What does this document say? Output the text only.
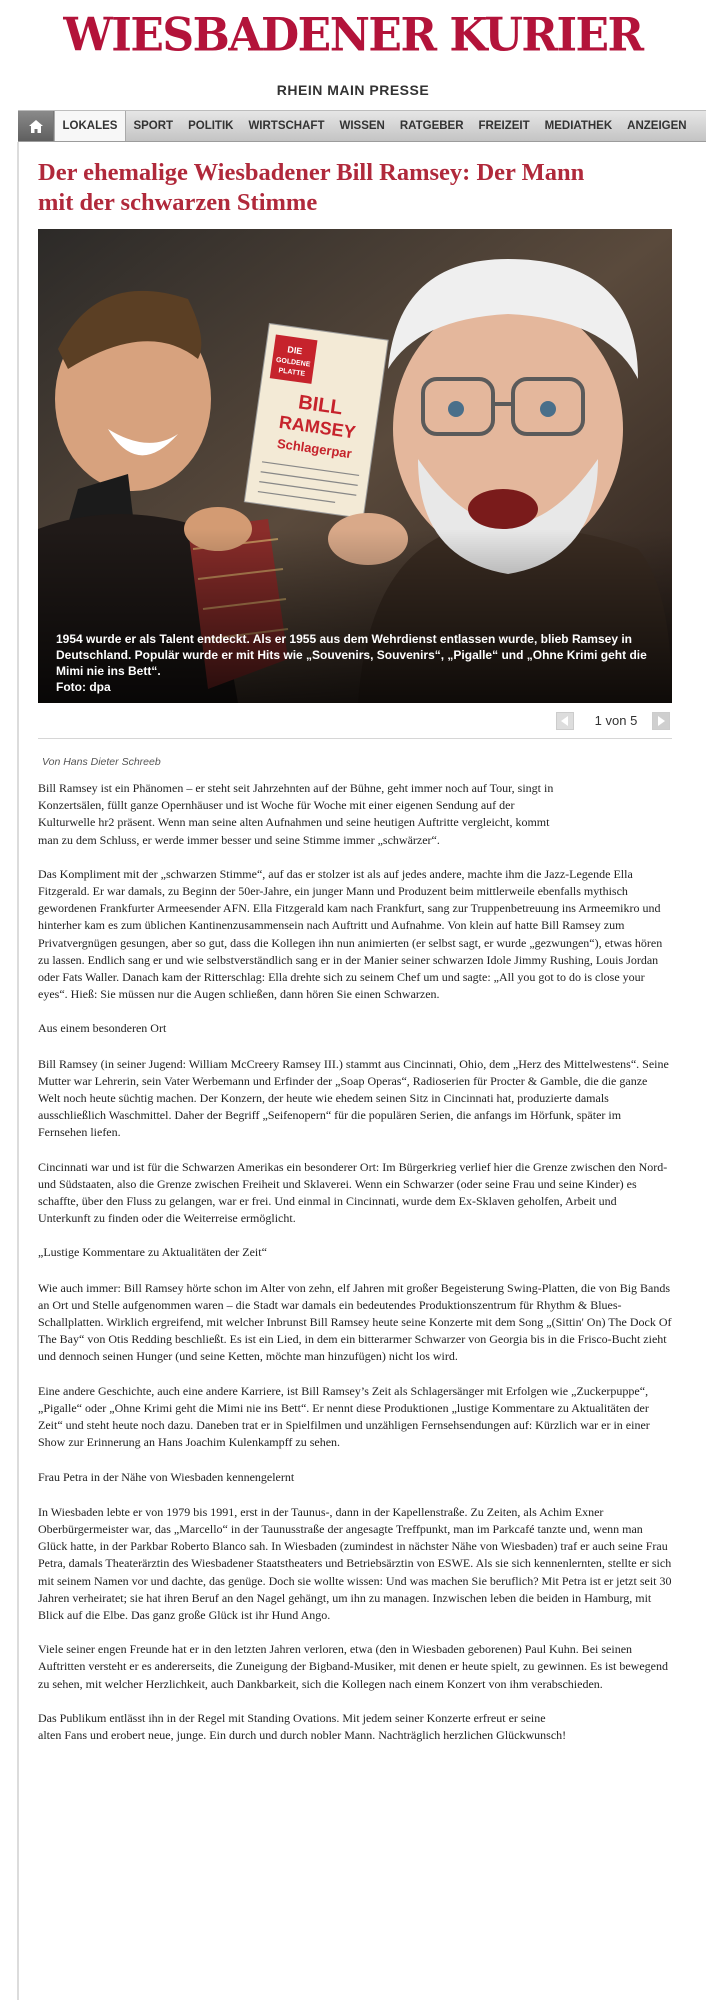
WIESBADENER KURIER
RHEIN MAIN PRESSE
LOKALES	SPORT	POLITIK	WIRTSCHAFT	WISSEN	RATGEBER	FREIZEIT	MEDIATHEK	ANZEIGEN
Der ehemalige Wiesbadener Bill Ramsey: Der Mann
mit der schwarzen Stimme
DIE
GOLDENE
PLATTE
BILL
RAMSEY
Schlagerpar
1954 wurde er als Talent entdeckt. Als er 1955 aus dem Wehrdienst entlassen wurde, blieb Ramsey in Deutschland. Populär wurde er mit Hits wie „Souvenirs, Souvenirs“, „Pigalle“ und „Ohne Krimi geht die Mimi nie ins Bett“.
Foto: dpa
1 von 5
Von Hans Dieter Schreeb

Bill Ramsey ist ein Phänomen – er steht seit Jahrzehnten auf der Bühne, geht immer noch auf Tour, singt in Konzertsälen, füllt ganze Opernhäuser und ist Woche für Woche mit einer eigenen Sendung auf der Kulturwelle hr2 präsent. Wenn man seine alten Aufnahmen und seine heutigen Auftritte vergleicht, kommt man zu dem Schluss, er werde immer besser und seine Stimme immer „schwärzer“.

Das Kompliment mit der „schwarzen Stimme“, auf das er stolzer ist als auf jedes andere, machte ihm die Jazz-Legende Ella Fitzgerald. Er war damals, zu Beginn der 50er-Jahre, ein junger Mann und Produzent beim mittlerweile ebenfalls mythisch gewordenen Frankfurter Armeesender AFN. Ella Fitzgerald kam nach Frankfurt, sang zur Truppenbetreuung ins Armeemikro und hinterher kam es zum üblichen Kantinenzusammensein nach Auftritt und Aufnahme. Von klein auf hatte Bill Ramsey zum Privatvergnügen gesungen, aber so gut, dass die Kollegen ihn nun animierten (er selbst sagt, er wurde „gezwungen“), etwas hören zu lassen. Endlich sang er und wie selbstverständlich sang er in der Manier seiner schwarzen Idole Jimmy Rushing, Louis Jordan oder Fats Waller. Danach kam der Ritterschlag: Ella drehte sich zu seinem Chef um und sagte: „All you got to do is close your eyes“. Hieß: Sie müssen nur die Augen schließen, dann hören Sie einen Schwarzen.

Aus einem besonderen Ort

Bill Ramsey (in seiner Jugend: William McCreery Ramsey III.) stammt aus Cincinnati, Ohio, dem „Herz des Mittelwestens“. Seine Mutter war Lehrerin, sein Vater Werbemann und Erfinder der „Soap Operas“, Radioserien für Procter & Gamble, die die ganze Welt noch heute süchtig machen. Der Konzern, der heute wie ehedem seinen Sitz in Cincinnati hat, produzierte damals ausschließlich Waschmittel. Daher der Begriff „Seifenopern“ für die populären Serien, die anfangs im Hörfunk, später im Fernsehen liefen.

Cincinnati war und ist für die Schwarzen Amerikas ein besonderer Ort: Im Bürgerkrieg verlief hier die Grenze zwischen den Nord- und Südstaaten, also die Grenze zwischen Freiheit und Sklaverei. Wenn ein Schwarzer (oder seine Frau und seine Kinder) es schaffte, über den Fluss zu gelangen, war er frei. Und einmal in Cincinnati, wurde dem Ex-Sklaven geholfen, Arbeit und Unterkunft zu finden oder die Weiterreise ermöglicht.

„Lustige Kommentare zu Aktualitäten der Zeit“

Wie auch immer: Bill Ramsey hörte schon im Alter von zehn, elf Jahren mit großer Begeisterung Swing-Platten, die von Big Bands an Ort und Stelle aufgenommen waren – die Stadt war damals ein bedeutendes Produktionszentrum für Rhythm & Blues-Schallplatten. Wirklich ergreifend, mit welcher Inbrunst Bill Ramsey heute seine Konzerte mit dem Song „(Sittin' On) The Dock Of The Bay“ von Otis Redding beschließt. Es ist ein Lied, in dem ein bitterarmer Schwarzer von Georgia bis in die Frisco-Bucht zieht und dennoch seinen Hunger (und seine Ketten, möchte man hinzufügen) nicht los wird.

Eine andere Geschichte, auch eine andere Karriere, ist Bill Ramsey’s Zeit als Schlagersänger mit Erfolgen wie „Zuckerpuppe“, „Pigalle“ oder „Ohne Krimi geht die Mimi nie ins Bett“. Er nennt diese Produktionen „lustige Kommentare zu Aktualitäten der Zeit“ und steht heute noch dazu. Daneben trat er in Spielfilmen und unzähligen Fernsehsendungen auf: Kürzlich war er in einer Show zur Erinnerung an Hans Joachim Kulenkampff zu sehen.

Frau Petra in der Nähe von Wiesbaden kennengelernt

In Wiesbaden lebte er von 1979 bis 1991, erst in der Taunus-, dann in der Kapellenstraße. Zu Zeiten, als Achim Exner Oberbürgermeister war, das „Marcello“ in der Taunusstraße der angesagte Treffpunkt, man im Parkcafé tanzte und, wenn man Glück hatte, in der Parkbar Roberto Blanco sah. In Wiesbaden (zumindest in nächster Nähe von Wiesbaden) traf er auch seine Frau Petra, damals Theaterärztin des Wiesbadener Staatstheaters und Betriebsärztin von ESWE. Als sie sich kennenlernten, stellte er sich mit seinem Namen vor und dachte, das genüge. Doch sie wollte wissen: Und was machen Sie beruflich? Mit Petra ist er jetzt seit 30 Jahren verheiratet; sie hat ihren Beruf an den Nagel gehängt, um ihn zu managen. Inzwischen leben die beiden in Hamburg, mit Blick auf die Elbe. Das ganz große Glück ist ihr Hund Ango.

Viele seiner engen Freunde hat er in den letzten Jahren verloren, etwa (den in Wiesbaden geborenen) Paul Kuhn. Bei seinen Auftritten versteht er es andererseits, die Zuneigung der Bigband-Musiker, mit denen er heute spielt, zu gewinnen. Es ist bewegend zu sehen, mit welcher Herzlichkeit, auch Dankbarkeit, sich die Kollegen nach einem Konzert von ihm verabschieden.

Das Publikum entlässt ihn in der Regel mit Standing Ovations. Mit jedem seiner Konzerte erfreut er seine alten Fans und erobert neue, junge. Ein durch und durch nobler Mann. Nachträglich herzlichen Glückwunsch!
